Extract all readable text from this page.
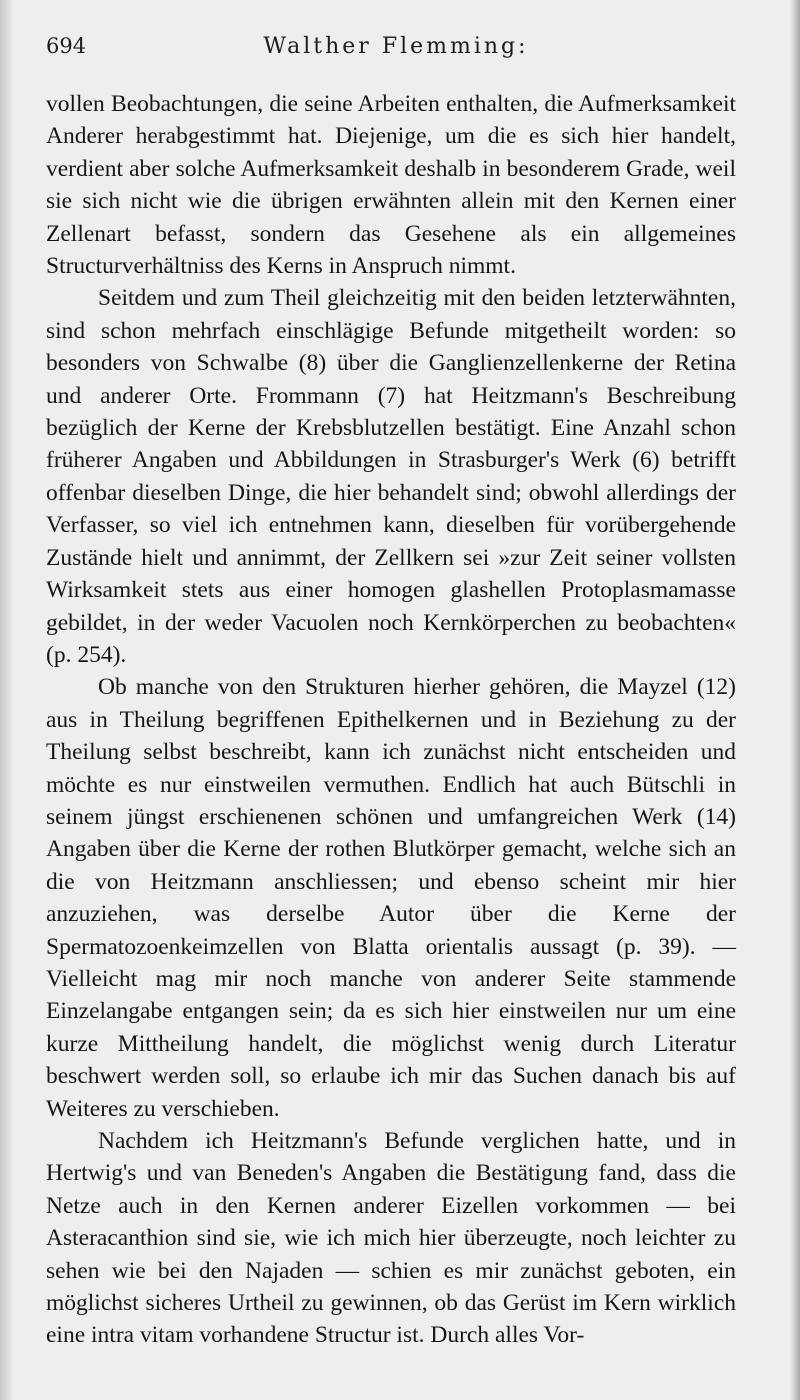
694	Walther Flemming:

vollen Beobachtungen, die seine Arbeiten enthalten, die Aufmerksamkeit Anderer herabgestimmt hat. Diejenige, um die es sich hier handelt, verdient aber solche Aufmerksamkeit deshalb in besonderem Grade, weil sie sich nicht wie die übrigen erwähnten allein mit den Kernen einer Zellenart befasst, sondern das Gesehene als ein allgemeines Structurverhältniss des Kerns in Anspruch nimmt.

Seitdem und zum Theil gleichzeitig mit den beiden letzterwähnten, sind schon mehrfach einschlägige Befunde mitgetheilt worden: so besonders von Schwalbe (8) über die Ganglienzellenkerne der Retina und anderer Orte. Frommann (7) hat Heitzmann's Beschreibung bezüglich der Kerne der Krebsblutzellen bestätigt. Eine Anzahl schon früherer Angaben und Abbildungen in Strasburger's Werk (6) betrifft offenbar dieselben Dinge, die hier behandelt sind; obwohl allerdings der Verfasser, so viel ich entnehmen kann, dieselben für vorübergehende Zustände hielt und annimmt, der Zellkern sei »zur Zeit seiner vollsten Wirksamkeit stets aus einer homogen glashellen Protoplasmamasse gebildet, in der weder Vacuolen noch Kernkörperchen zu beobachten« (p. 254).

Ob manche von den Strukturen hierher gehören, die Mayzel (12) aus in Theilung begriffenen Epithelkernen und in Beziehung zu der Theilung selbst beschreibt, kann ich zunächst nicht entscheiden und möchte es nur einstweilen vermuthen. Endlich hat auch Bütschli in seinem jüngst erschienenen schönen und umfangreichen Werk (14) Angaben über die Kerne der rothen Blutkörper gemacht, welche sich an die von Heitzmann anschliessen; und ebenso scheint mir hier anzuziehen, was derselbe Autor über die Kerne der Spermatozoenkeimzellen von Blatta orientalis aussagt (p. 39). — Vielleicht mag mir noch manche von anderer Seite stammende Einzelangabe entgangen sein; da es sich hier einstweilen nur um eine kurze Mittheilung handelt, die möglichst wenig durch Literatur beschwert werden soll, so erlaube ich mir das Suchen danach bis auf Weiteres zu verschieben.

Nachdem ich Heitzmann's Befunde verglichen hatte, und in Hertwig's und van Beneden's Angaben die Bestätigung fand, dass die Netze auch in den Kernen anderer Eizellen vorkommen — bei Asteracanthion sind sie, wie ich mich hier überzeugte, noch leichter zu sehen wie bei den Najaden — schien es mir zunächst geboten, ein möglichst sicheres Urtheil zu gewinnen, ob das Gerüst im Kern wirklich eine intra vitam vorhandene Structur ist. Durch alles Vor-
